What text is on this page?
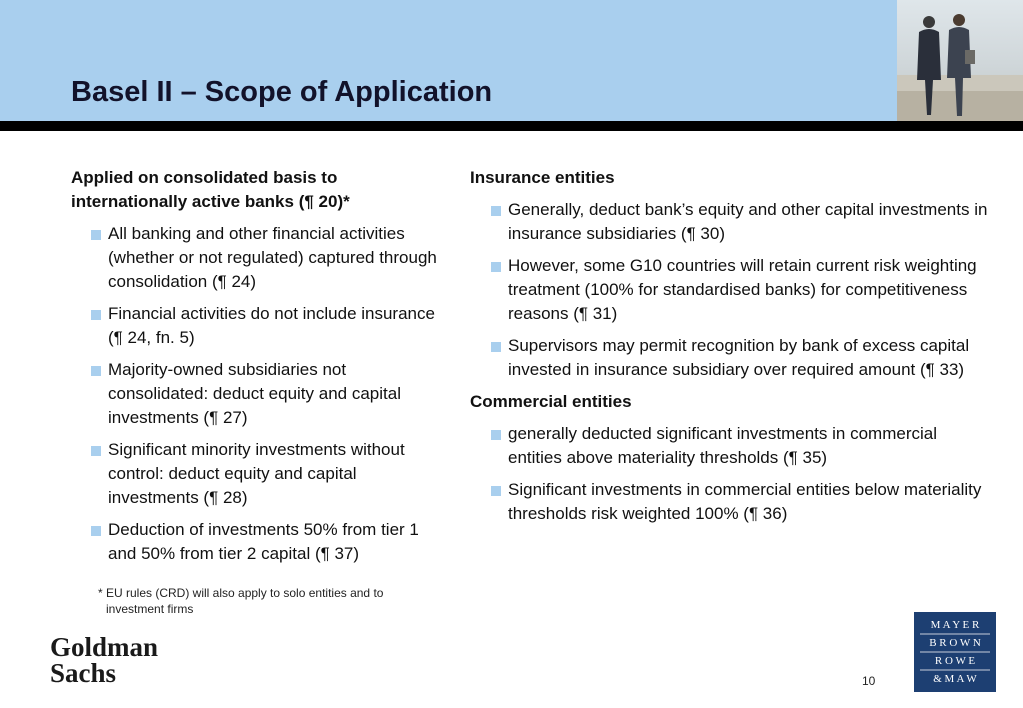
Basel II – Scope of Application

Applied on consolidated basis to internationally active banks (¶ 20)*

All banking and other financial activities (whether or not regulated) captured through consolidation (¶ 24)
Financial activities do not include insurance (¶ 24, fn. 5)
Majority-owned subsidiaries not consolidated: deduct equity and capital investments (¶ 27)
Significant minority investments without control: deduct equity and capital investments (¶ 28)
Deduction of investments 50% from tier 1 and 50% from tier 2 capital (¶ 37)
* EU rules (CRD) will also apply to solo entities and to
investment firms

Insurance entities

Generally, deduct bank’s equity and other capital investments in insurance subsidiaries (¶ 30)
However, some G10 countries will retain current risk weighting treatment (100% for standardised banks) for competitiveness reasons (¶ 31)
Supervisors may permit recognition by bank of excess capital invested in insurance subsidiary over required amount (¶ 33)

Commercial entities

generally deducted significant investments in commercial entities above materiality thresholds (¶ 35)
Significant investments in commercial entities below materiality thresholds risk weighted 100% (¶ 36)
Goldman
Sachs	10
M A Y E R
B R O W N
R O W E
& M A W
